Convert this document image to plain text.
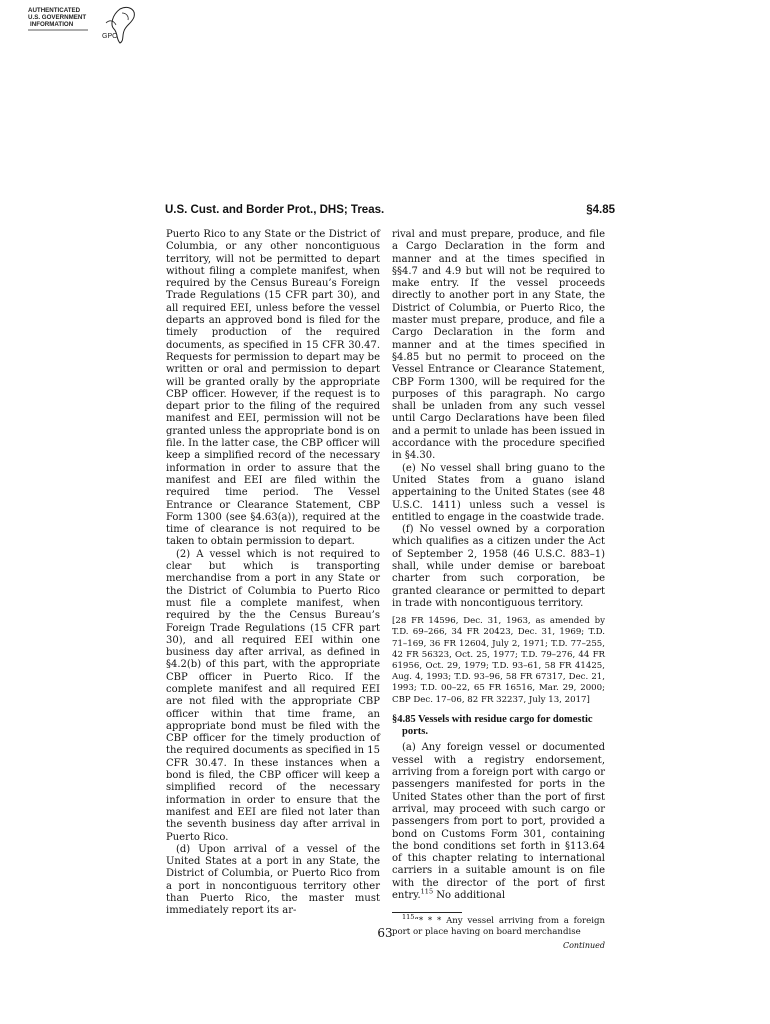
AUTHENTICATED
U.S. GOVERNMENT
INFORMATION
GPO
U.S. Cust. and Border Prot., DHS; Treas.	§4.85

Puerto Rico to any State or the District of Columbia, or any other noncontiguous territory, will not be permitted to depart without filing a complete manifest, when required by the Census Bureau’s Foreign Trade Regulations (15 CFR part 30), and all required EEI, unless before the vessel departs an approved bond is filed for the timely production of the required documents, as specified in 15 CFR 30.47. Requests for permission to depart may be written or oral and permission to depart will be granted orally by the appropriate CBP officer. However, if the request is to depart prior to the filing of the required manifest and EEI, permission will not be granted unless the appropriate bond is on file. In the latter case, the CBP officer will keep a simplified record of the necessary information in order to assure that the manifest and EEI are filed within the required time period. The Vessel Entrance or Clearance Statement, CBP Form 1300 (see §4.63(a)), required at the time of clearance is not required to be taken to obtain permission to depart.

(2) A vessel which is not required to clear but which is transporting merchandise from a port in any State or the District of Columbia to Puerto Rico must file a complete manifest, when required by the the Census Bureau’s Foreign Trade Regulations (15 CFR part 30), and all required EEI within one business day after arrival, as defined in §4.2(b) of this part, with the appropriate CBP officer in Puerto Rico. If the complete manifest and all required EEI are not filed with the appropriate CBP officer within that time frame, an appropriate bond must be filed with the CBP officer for the timely production of the required documents as specified in 15 CFR 30.47. In these instances when a bond is filed, the CBP officer will keep a simplified record of the necessary information in order to ensure that the manifest and EEI are filed not later than the seventh business day after arrival in Puerto Rico.

(d) Upon arrival of a vessel of the United States at a port in any State, the District of Columbia, or Puerto Rico from a port in noncontiguous territory other than Puerto Rico, the master must immediately report its ar-

rival and must prepare, produce, and file a Cargo Declaration in the form and manner and at the times specified in §§4.7 and 4.9 but will not be required to make entry. If the vessel proceeds directly to another port in any State, the District of Columbia, or Puerto Rico, the master must prepare, produce, and file a Cargo Declaration in the form and manner and at the times specified in §4.85 but no permit to proceed on the Vessel Entrance or Clearance Statement, CBP Form 1300, will be required for the purposes of this paragraph. No cargo shall be unladen from any such vessel until Cargo Declarations have been filed and a permit to unlade has been issued in accordance with the procedure specified in §4.30.

(e) No vessel shall bring guano to the United States from a guano island appertaining to the United States (see 48 U.S.C. 1411) unless such a vessel is entitled to engage in the coastwide trade.

(f) No vessel owned by a corporation which qualifies as a citizen under the Act of September 2, 1958 (46 U.S.C. 883–1) shall, while under demise or bareboat charter from such corporation, be granted clearance or permitted to depart in trade with noncontiguous territory.

[28 FR 14596, Dec. 31, 1963, as amended by T.D. 69–266, 34 FR 20423, Dec. 31, 1969; T.D. 71–169, 36 FR 12604, July 2, 1971; T.D. 77–255, 42 FR 56323, Oct. 25, 1977; T.D. 79–276, 44 FR 61956, Oct. 29, 1979; T.D. 93–61, 58 FR 41425, Aug. 4, 1993; T.D. 93–96, 58 FR 67317, Dec. 21, 1993; T.D. 00–22, 65 FR 16516, Mar. 29, 2000; CBP Dec. 17–06, 82 FR 32237, July 13, 2017]

§4.85 Vessels with residue cargo for domestic ports.

(a) Any foreign vessel or documented vessel with a registry endorsement, arriving from a foreign port with cargo or passengers manifested for ports in the United States other than the port of first arrival, may proceed with such cargo or passengers from port to port, provided a bond on Customs Form 301, containing the bond conditions set forth in §113.64 of this chapter relating to international carriers in a suitable amount is on file with the director of the port of first entry.$^{115}$ No additional

$^{115}$“* * * Any vessel arriving from a foreign port or place having on board merchandise
Continued
63
